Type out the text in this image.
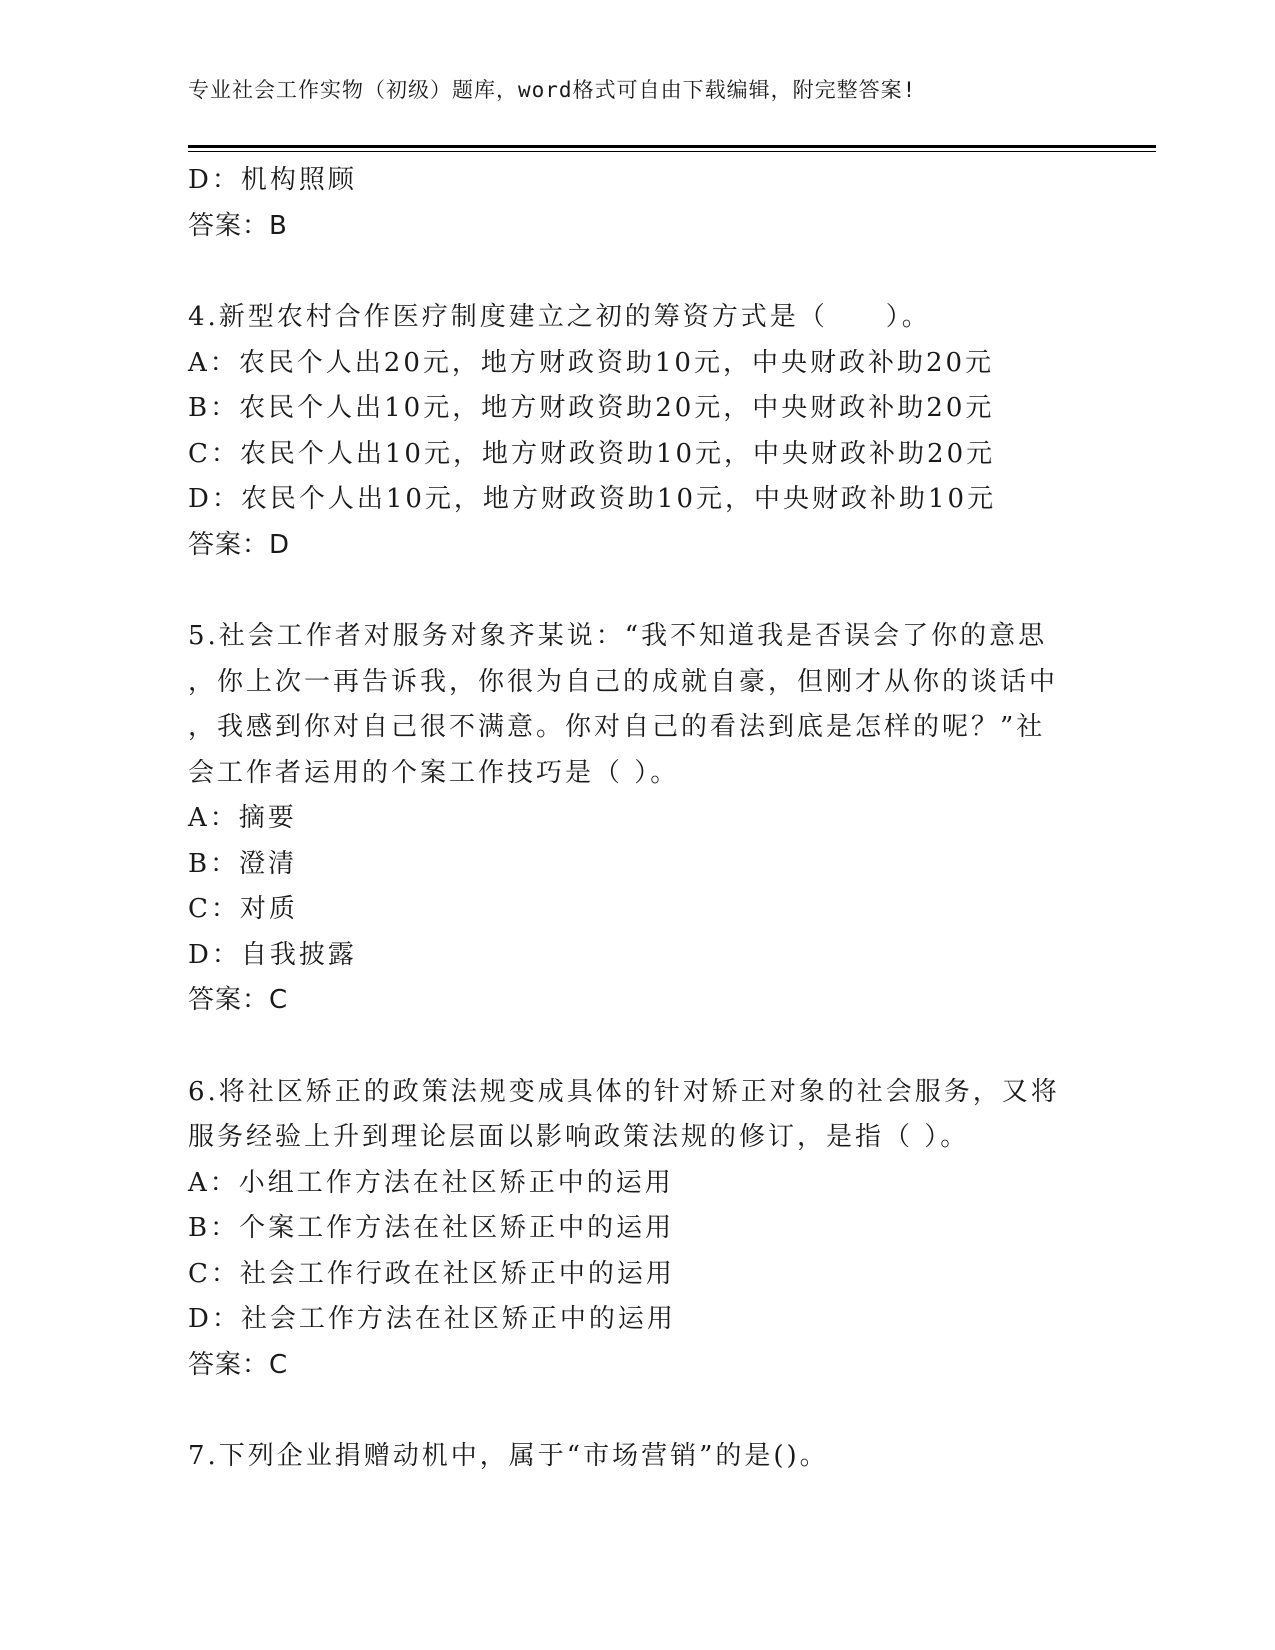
专业社会工作实物（初级）题库，word格式可自由下载编辑，附完整答案!
D：机构照顾
答案：B
4.新型农村合作医疗制度建立之初的筹资方式是（　　）。
A：农民个人出20元，地方财政资助10元，中央财政补助20元
B：农民个人出10元，地方财政资助20元，中央财政补助20元
C：农民个人出10元，地方财政资助10元，中央财政补助20元
D：农民个人出10元，地方财政资助10元，中央财政补助10元
答案：D
5.社会工作者对服务对象齐某说：“我不知道我是否误会了你的意思
，你上次一再告诉我，你很为自己的成就自豪，但刚才从你的谈话中
，我感到你对自己很不满意。你对自己的看法到底是怎样的呢？”社
会工作者运用的个案工作技巧是（ ）。
A：摘要
B：澄清
C：对质
D：自我披露
答案：C
6.将社区矫正的政策法规变成具体的针对矫正对象的社会服务，又将
服务经验上升到理论层面以影响政策法规的修订，是指（ ）。
A：小组工作方法在社区矫正中的运用
B：个案工作方法在社区矫正中的运用
C：社会工作行政在社区矫正中的运用
D：社会工作方法在社区矫正中的运用
答案：C
7.下列企业捐赠动机中，属于“市场营销”的是()。
